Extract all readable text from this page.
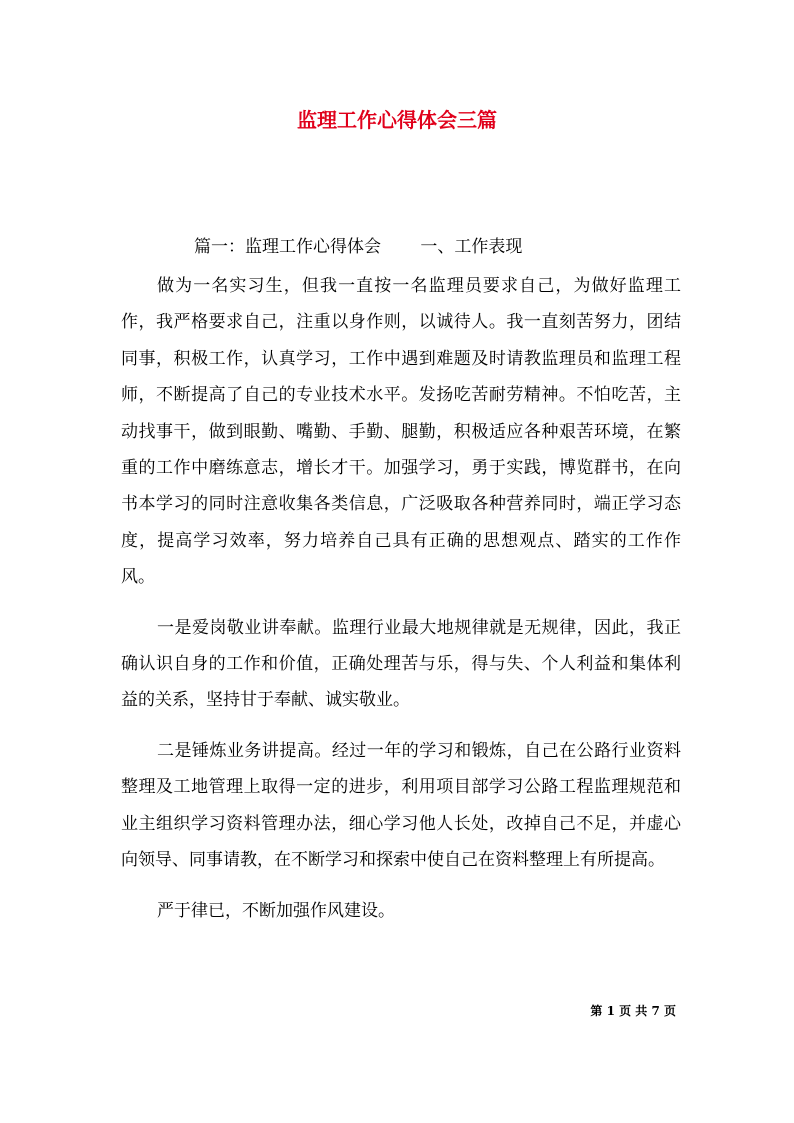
监理工作心得体会三篇
篇一：监理工作心得体会　　 一、工作表现

做为一名实习生，但我一直按一名监理员要求自己，为做好监理工作，我严格要求自己，注重以身作则，以诚待人。我一直刻苦努力，团结同事，积极工作，认真学习，工作中遇到难题及时请教监理员和监理工程师，不断提高了自己的专业技术水平。发扬吃苦耐劳精神。不怕吃苦，主动找事干，做到眼勤、嘴勤、手勤、腿勤，积极适应各种艰苦环境，在繁重的工作中磨练意志，增长才干。加强学习，勇于实践，博览群书，在向书本学习的同时注意收集各类信息，广泛吸取各种营养同时，端正学习态度，提高学习效率，努力培养自己具有正确的思想观点、踏实的工作作风。

一是爱岗敬业讲奉献。监理行业最大地规律就是无规律，因此，我正确认识自身的工作和价值，正确处理苦与乐，得与失、个人利益和集体利益的关系，坚持甘于奉献、诚实敬业。

二是锤炼业务讲提高。经过一年的学习和锻炼，自己在公路行业资料整理及工地管理上取得一定的进步，利用项目部学习公路工程监理规范和业主组织学习资料管理办法，细心学习他人长处，改掉自己不足，并虚心向领导、同事请教，在不断学习和探索中使自己在资料整理上有所提高。

严于律已，不断加强作风建设。

第 1 页 共 7 页
